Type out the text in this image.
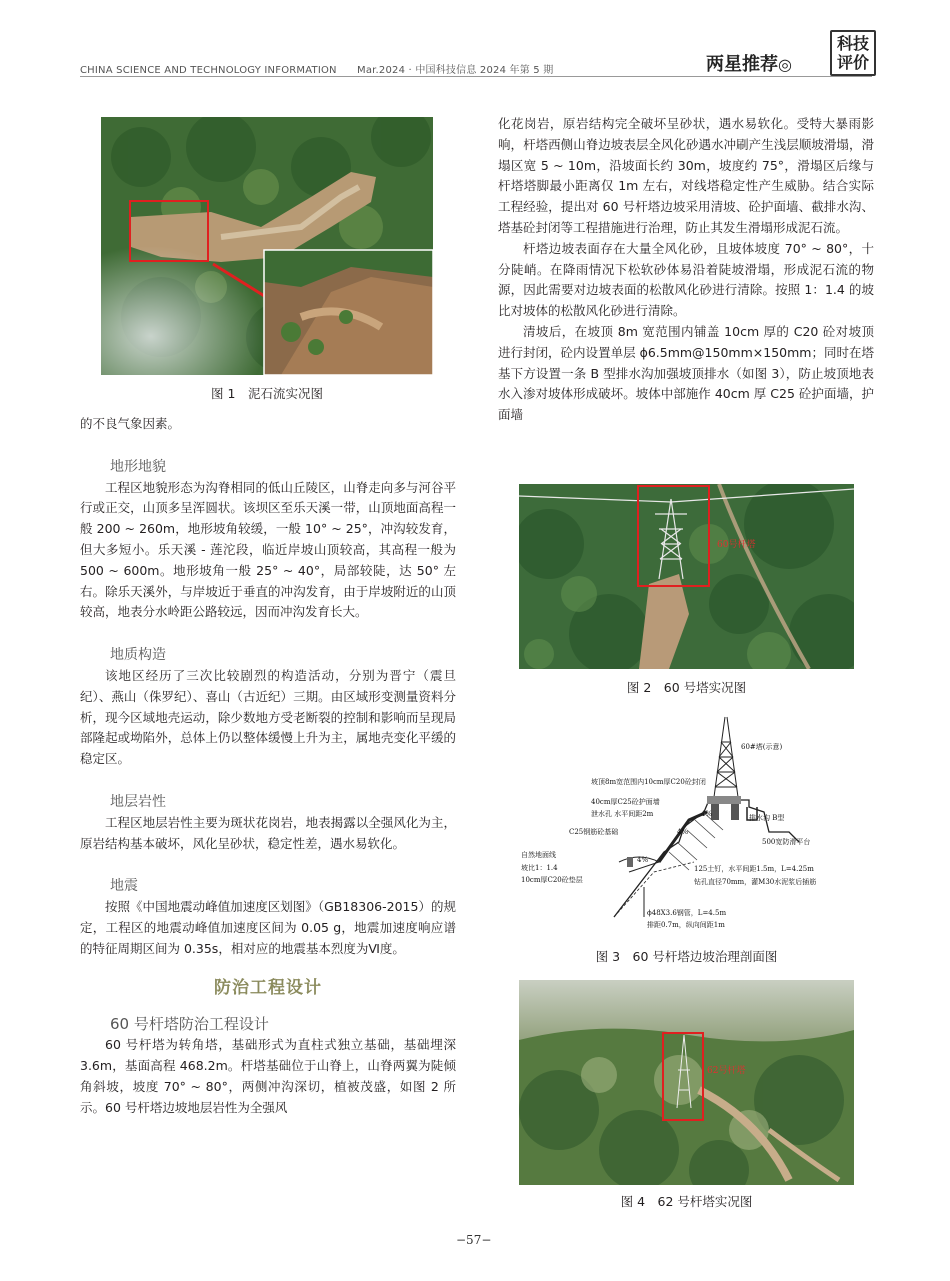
CHINA SCIENCE AND TECHNOLOGY INFORMATION Mar.2024 · 中国科技信息 2024 年第 5 期	两星推荐◎
科技
评价
图 1　泥石流实况图

的不良气象因素。

地形地貌

工程区地貌形态为沟脊相同的低山丘陵区，山脊走向多与河谷平行或正交，山顶多呈浑圆状。该坝区至乐天溪一带，山顶地面高程一般 200 ~ 260m，地形坡角较缓，一般 10° ~ 25°，冲沟较发育，但大多短小。乐天溪 - 莲沱段，临近岸坡山顶较高，其高程一般为 500 ~ 600m。地形坡角一般 25° ~ 40°，局部较陡，达 50° 左右。除乐天溪外，与岸坡近于垂直的冲沟发育，由于岸坡附近的山顶较高，地表分水岭距公路较远，因而冲沟发育长大。

地质构造

该地区经历了三次比较剧烈的构造活动，分别为晋宁（震旦纪）、燕山（侏罗纪）、喜山（古近纪）三期。由区域形变测量资料分析，现今区域地壳运动，除少数地方受老断裂的控制和影响而呈现局部隆起或坳陷外，总体上仍以整体缓慢上升为主，属地壳变化平缓的稳定区。

地层岩性

工程区地层岩性主要为斑状花岗岩，地表揭露以全强风化为主，原岩结构基本破坏，风化呈砂状，稳定性差，遇水易软化。

地震

按照《中国地震动峰值加速度区划图》（GB18306-2015）的规定，工程区的地震动峰值加速度区间为 0.05 g，地震加速度响应谱的特征周期区间为 0.35s，相对应的地震基本烈度为Ⅵ度。

防治工程设计
60 号杆塔防治工程设计

60 号杆塔为转角塔，基础形式为直柱式独立基础，基础埋深 3.6m，基面高程 468.2m。杆塔基础位于山脊上，山脊两翼为陡倾角斜坡，坡度 70° ~ 80°，两侧冲沟深切，植被茂盛，如图 2 所示。60 号杆塔边坡地层岩性为全强风

化花岗岩，原岩结构完全破坏呈砂状，遇水易软化。受特大暴雨影响，杆塔西侧山脊边坡表层全风化砂遇水冲刷产生浅层顺坡滑塌，滑塌区宽 5 ~ 10m，沿坡面长约 30m，坡度约 75°，滑塌区后缘与杆塔塔脚最小距离仅 1m 左右，对线塔稳定性产生威胁。结合实际工程经验，提出对 60 号杆塔边坡采用清坡、砼护面墙、截排水沟、塔基砼封闭等工程措施进行治理，防止其发生滑塌形成泥石流。

杆塔边坡表面存在大量全风化砂，且坡体坡度 70° ~ 80°，十分陡峭。在降雨情况下松软砂体易沿着陡坡滑塌，形成泥石流的物源，因此需要对边坡表面的松散风化砂进行清除。按照 1：1.4 的坡比对坡体的松散风化砂进行清除。

清坡后，在坡顶 8m 宽范围内铺盖 10cm 厚的 C20 砼对坡顶进行封闭，砼内设置单层 ϕ6.5mm@150mm×150mm；同时在塔基下方设置一条 B 型排水沟加强坡顶排水（如图 3），防止坡顶地表水入渗对坡体形成破坏。坡体中部施作 40cm 厚 C25 砼护面墙，护面墙

60号杆塔
图 2　60 号塔实况图
60#塔(示意)
坡顶8m宽范围内10cm厚C20砼封闭
40cm厚C25砼护面墙
泄水孔 水平间距2m	排水沟 B型
C25钢筋砼基础
500宽防滑平台
自然地面线
坡比1：1.4
10cm厚C20砼垫层
125土钉，水平间距1.5m，L=4.25m
钻孔直径70mm，灌M30水泥浆后插筋
ϕ48X3.6钢管，L=4.5m
排距0.7m，纵向间距1m
4%
4%
4%
图 3　60 号杆塔边坡治理剖面图
62号杆塔
图 4　62 号杆塔实况图
−57−
